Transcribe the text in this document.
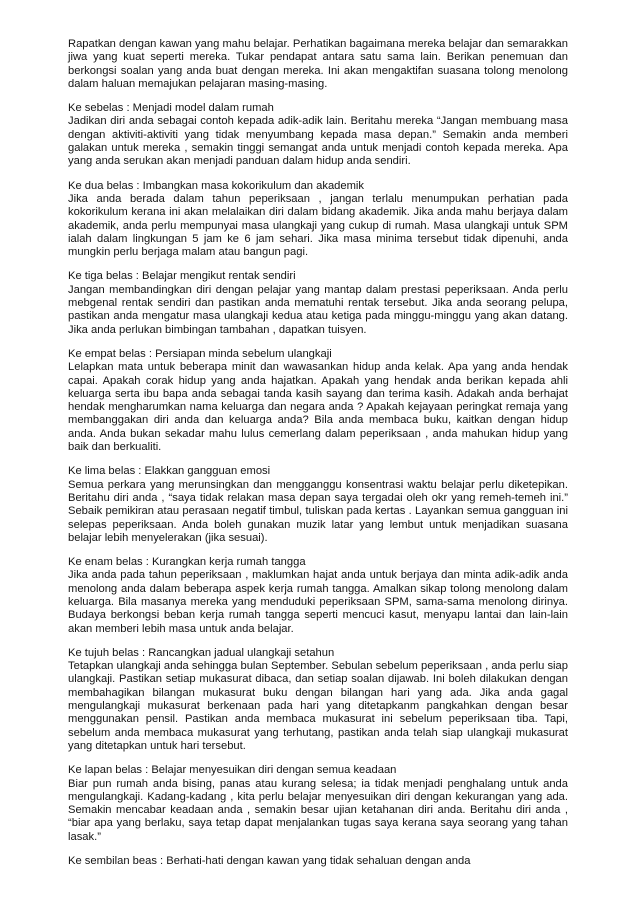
Rapatkan dengan kawan yang mahu belajar. Perhatikan bagaimana mereka belajar dan semarakkan jiwa yang kuat seperti mereka. Tukar pendapat antara satu sama lain. Berikan penemuan dan berkongsi soalan yang anda buat dengan mereka. Ini akan mengaktifan suasana tolong menolong dalam haluan memajukan pelajaran masing-masing.
Ke sebelas : Menjadi model dalam rumah
Jadikan diri anda sebagai contoh kepada adik-adik lain. Beritahu mereka “Jangan membuang masa dengan aktiviti-aktiviti yang tidak menyumbang kepada masa depan.” Semakin anda memberi galakan untuk mereka , semakin tinggi semangat anda untuk menjadi contoh kepada mereka. Apa yang anda serukan akan menjadi panduan dalam hidup anda sendiri.
Ke dua belas : Imbangkan masa kokorikulum dan akademik
Jika anda berada dalam tahun peperiksaan , jangan terlalu menumpukan perhatian pada kokorikulum kerana ini akan melalaikan diri dalam bidang akademik. Jika anda mahu berjaya dalam akademik, anda perlu mempunyai masa ulangkaji yang cukup di rumah. Masa ulangkaji untuk SPM ialah dalam lingkungan 5 jam ke 6 jam sehari. Jika masa minima tersebut tidak dipenuhi, anda mungkin perlu berjaga malam atau bangun pagi.
Ke tiga belas : Belajar mengikut rentak sendiri
Jangan membandingkan diri dengan pelajar yang mantap dalam prestasi peperiksaan. Anda perlu mebgenal rentak sendiri dan pastikan anda mematuhi rentak tersebut. Jika anda seorang pelupa, pastikan anda mengatur masa ulangkaji kedua atau ketiga pada minggu-minggu yang akan datang. Jika anda perlukan bimbingan tambahan , dapatkan tuisyen.
Ke empat belas : Persiapan minda sebelum ulangkaji
Lelapkan mata untuk beberapa minit dan wawasankan hidup anda kelak. Apa yang anda hendak capai. Apakah corak hidup yang anda hajatkan. Apakah yang hendak anda berikan kepada ahli keluarga serta ibu bapa anda sebagai tanda kasih sayang dan terima kasih. Adakah anda berhajat hendak mengharumkan nama keluarga dan negara anda ? Apakah kejayaan peringkat remaja yang membanggakan diri anda dan keluarga anda? Bila anda membaca buku, kaitkan dengan hidup anda. Anda bukan sekadar mahu lulus cemerlang dalam peperiksaan , anda mahukan hidup yang baik dan berkualiti.
Ke lima belas : Elakkan gangguan emosi
Semua perkara yang merunsingkan dan mengganggu konsentrasi waktu belajar perlu diketepikan. Beritahu diri anda , “saya tidak relakan masa depan saya tergadai oleh okr yang remeh-temeh ini.” Sebaik pemikiran atau perasaan negatif timbul, tuliskan pada kertas . Layankan semua gangguan ini selepas peperiksaan. Anda boleh gunakan muzik latar yang lembut untuk menjadikan suasana belajar lebih menyelerakan (jika sesuai).
Ke enam belas : Kurangkan kerja rumah tangga
Jika anda pada tahun peperiksaan , maklumkan hajat anda untuk berjaya dan minta adik-adik anda menolong anda dalam beberapa aspek kerja rumah tangga. Amalkan sikap tolong menolong dalam keluarga. Bila masanya mereka yang menduduki peperiksaan SPM, sama-sama menolong dirinya. Budaya berkongsi beban kerja rumah tangga seperti mencuci kasut, menyapu lantai dan lain-lain akan memberi lebih masa untuk anda belajar.
Ke tujuh belas : Rancangkan jadual ulangkaji setahun
Tetapkan ulangkaji anda sehingga bulan September. Sebulan sebelum peperiksaan , anda perlu siap ulangkaji. Pastikan setiap mukasurat dibaca, dan setiap soalan dijawab. Ini boleh dilakukan dengan membahagikan bilangan mukasurat buku dengan bilangan hari yang ada. Jika anda gagal mengulangkaji mukasurat berkenaan pada hari yang ditetapkanm pangkahkan dengan besar menggunakan pensil. Pastikan anda membaca mukasurat ini sebelum peperiksaan tiba. Tapi, sebelum anda membaca mukasurat yang terhutang, pastikan anda telah siap ulangkaji mukasurat yang ditetapkan untuk hari tersebut.
Ke lapan belas : Belajar menyesuikan diri dengan semua keadaan
Biar pun rumah anda bising, panas atau kurang selesa; ia tidak menjadi penghalang untuk anda mengulangkaji. Kadang-kadang , kita perlu belajar menyesuikan diri dengan kekurangan yang ada. Semakin mencabar keadaan anda , semakin besar ujian ketahanan diri anda. Beritahu diri anda , “biar apa yang berlaku, saya tetap dapat menjalankan tugas saya kerana saya seorang yang tahan lasak.”
Ke sembilan beas : Berhati-hati dengan kawan yang tidak sehaluan dengan anda
